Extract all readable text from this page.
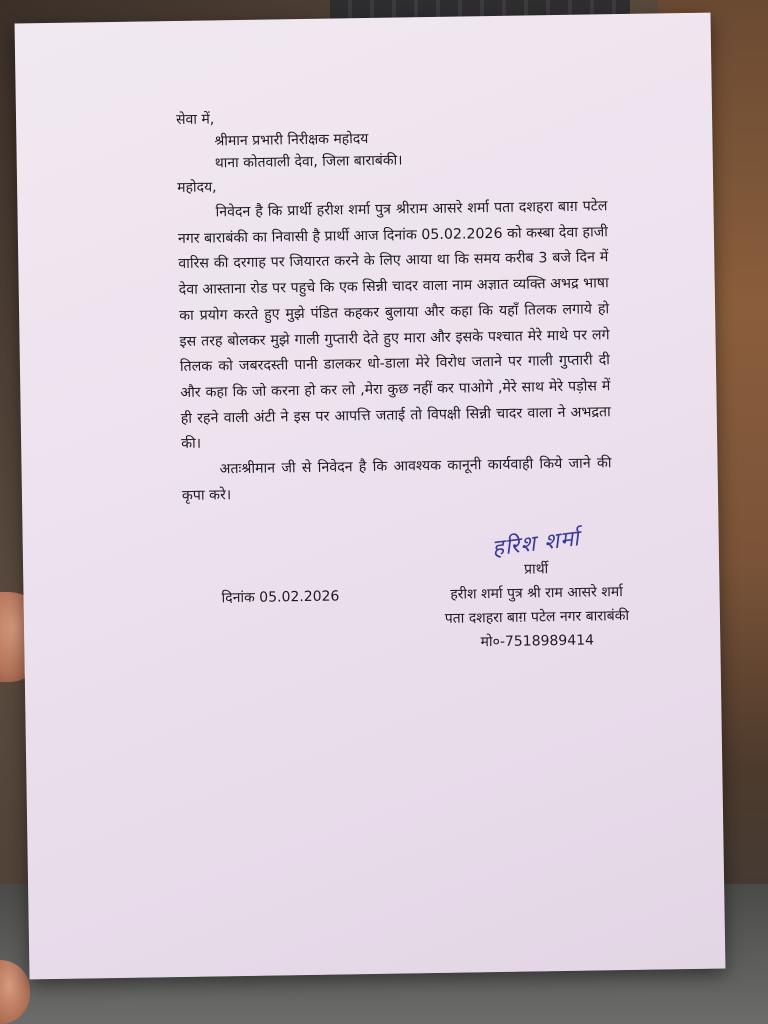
सेवा में,
श्रीमान प्रभारी निरीक्षक महोदय
थाना कोतवाली देवा, जिला बाराबंकी।
महोदय,

निवेदन है कि प्रार्थी हरीश शर्मा पुत्र श्रीराम आसरे शर्मा पता दशहरा बाग़ पटेल नगर बाराबंकी का निवासी है प्रार्थी आज दिनांक 05.02.2026 को कस्बा देवा हाजी वारिस की दरगाह पर जियारत करने के लिए आया था कि समय करीब 3 बजे दिन में देवा आस्ताना रोड पर पहुचे कि एक सिन्नी चादर वाला नाम अज्ञात व्यक्ति अभद्र भाषा का प्रयोग करते हुए मुझे पंडित कहकर बुलाया और कहा कि यहाँ तिलक लगाये हो इस तरह बोलकर मुझे गाली गुप्तारी देते हुए मारा और इसके पश्चात मेरे माथे पर लगे तिलक को जबरदस्ती पानी डालकर धो-डाला मेरे विरोध जताने पर गाली गुप्तारी दी और कहा कि जो करना हो कर लो ,मेरा कुछ नहीं कर पाओगे ,मेरे साथ मेरे पड़ोस में ही रहने वाली अंटी ने इस पर आपत्ति जताई तो विपक्षी सिन्नी चादर वाला ने अभद्रता की।

अतःश्रीमान जी से निवेदन है कि आवश्यक कानूनी कार्यवाही किये जाने की कृपा करे।

दिनांक 05.02.2026
हरिश शर्मा
प्रार्थी
हरीश शर्मा पुत्र श्री राम आसरे शर्मा
पता दशहरा बाग़ पटेल नगर बाराबंकी
मो०-7518989414
